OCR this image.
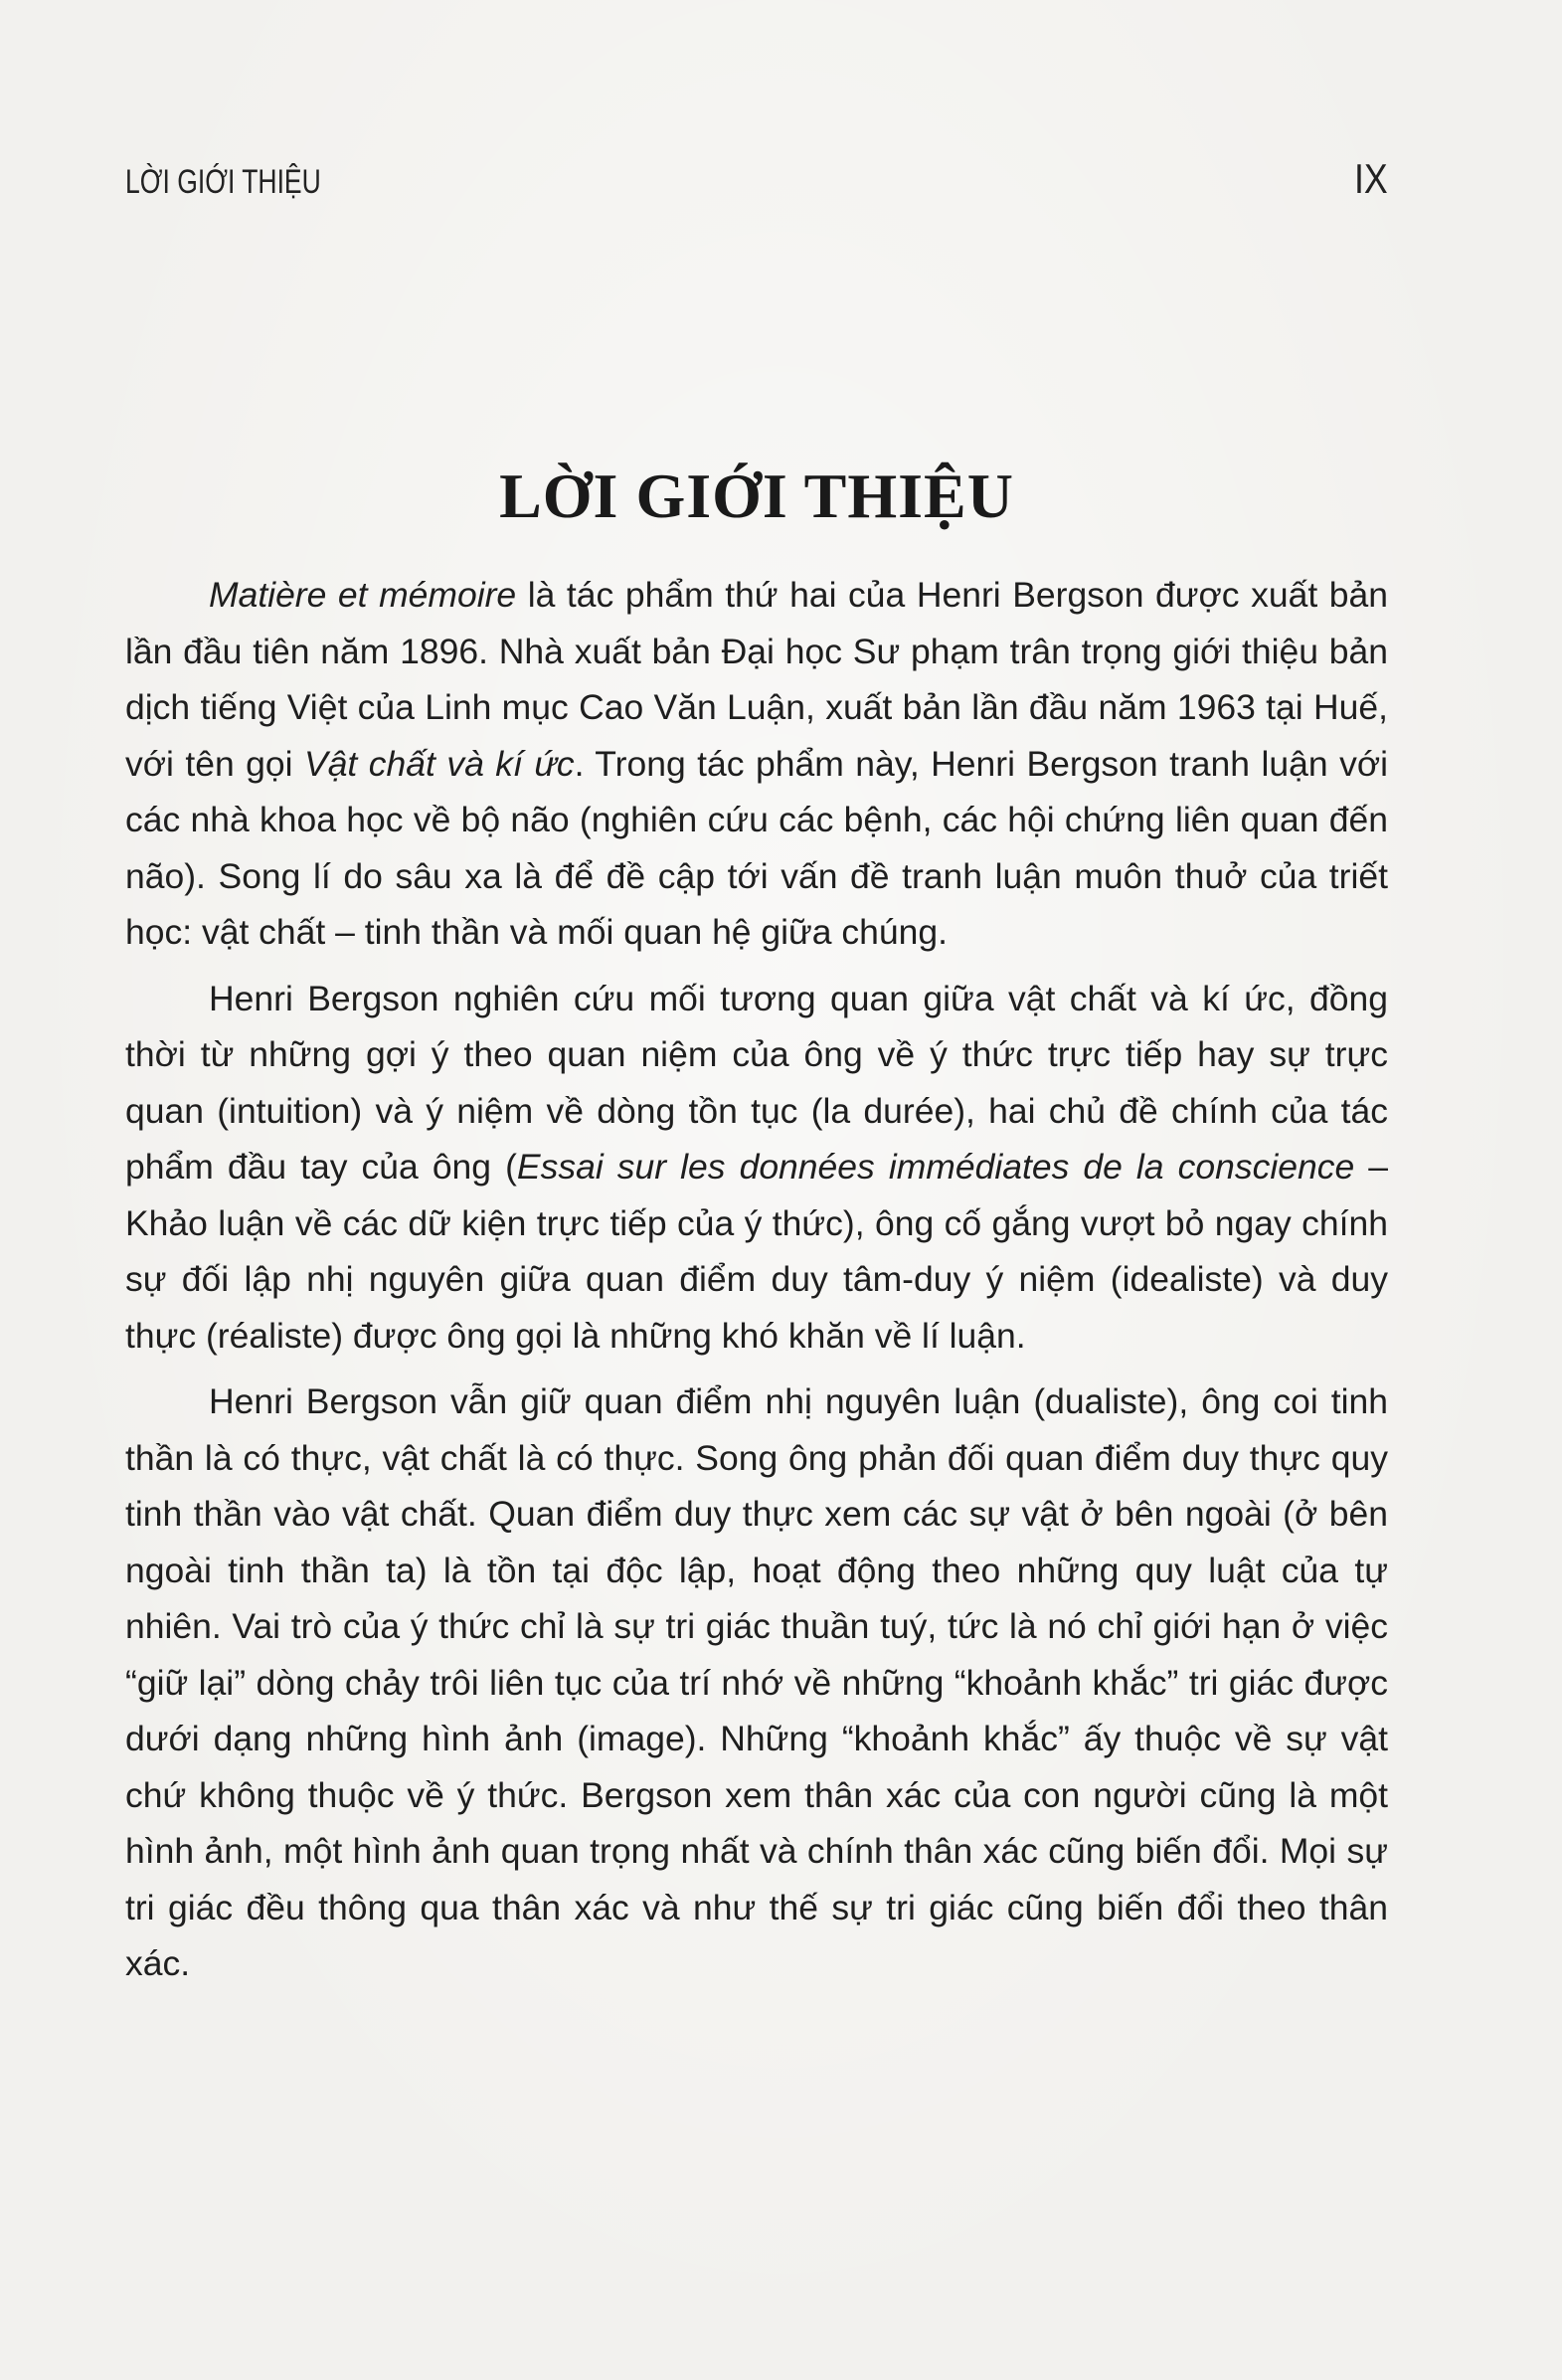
LỜI GIỚI THIỆU	IX
LỜI GIỚI THIỆU

Matière et mémoire là tác phẩm thứ hai của Henri Bergson được xuất bản lần đầu tiên năm 1896. Nhà xuất bản Đại học Sư phạm trân trọng giới thiệu bản dịch tiếng Việt của Linh mục Cao Văn Luận, xuất bản lần đầu năm 1963 tại Huế, với tên gọi Vật chất và kí ức. Trong tác phẩm này, Henri Bergson tranh luận với các nhà khoa học về bộ não (nghiên cứu các bệnh, các hội chứng liên quan đến não). Song lí do sâu xa là để đề cập tới vấn đề tranh luận muôn thuở của triết học: vật chất – tinh thần và mối quan hệ giữa chúng.

Henri Bergson nghiên cứu mối tương quan giữa vật chất và kí ức, đồng thời từ những gợi ý theo quan niệm của ông về ý thức trực tiếp hay sự trực quan (intuition) và ý niệm về dòng tồn tục (la durée), hai chủ đề chính của tác phẩm đầu tay của ông (Essai sur les données immédiates de la conscience – Khảo luận về các dữ kiện trực tiếp của ý thức), ông cố gắng vượt bỏ ngay chính sự đối lập nhị nguyên giữa quan điểm duy tâm-duy ý niệm (idealiste) và duy thực (réaliste) được ông gọi là những khó khăn về lí luận.

Henri Bergson vẫn giữ quan điểm nhị nguyên luận (dualiste), ông coi tinh thần là có thực, vật chất là có thực. Song ông phản đối quan điểm duy thực quy tinh thần vào vật chất. Quan điểm duy thực xem các sự vật ở bên ngoài (ở bên ngoài tinh thần ta) là tồn tại độc lập, hoạt động theo những quy luật của tự nhiên. Vai trò của ý thức chỉ là sự tri giác thuần tuý, tức là nó chỉ giới hạn ở việc “giữ lại” dòng chảy trôi liên tục của trí nhớ về những “khoảnh khắc” tri giác được dưới dạng những hình ảnh (image). Những “khoảnh khắc” ấy thuộc về sự vật chứ không thuộc về ý thức. Bergson xem thân xác của con người cũng là một hình ảnh, một hình ảnh quan trọng nhất và chính thân xác cũng biến đổi. Mọi sự tri giác đều thông qua thân xác và như thế sự tri giác cũng biến đổi theo thân xác.
